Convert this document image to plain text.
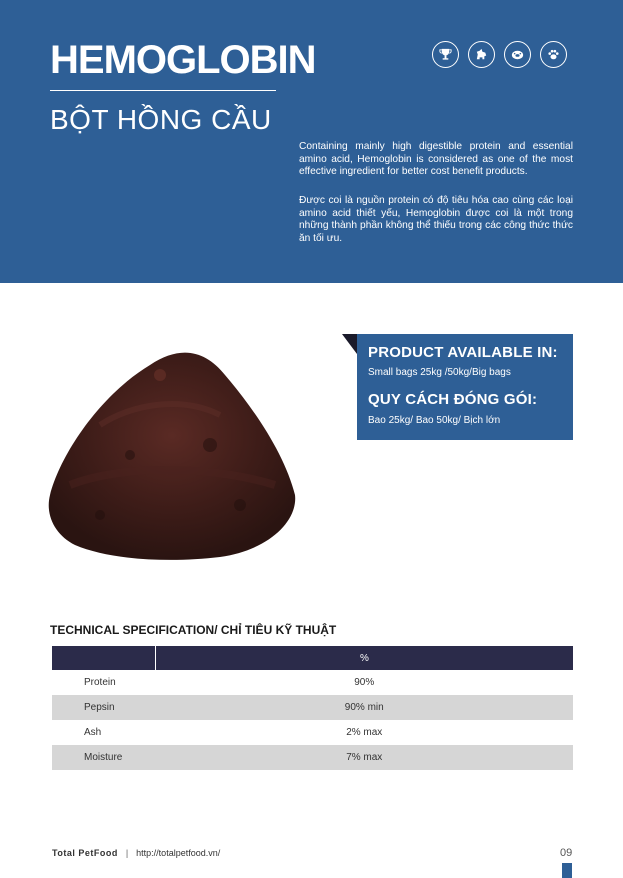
HEMOGLOBIN
BỘT HỒNG CẦU

Containing mainly high digestible protein and essential amino acid, Hemoglobin is considered as one of the most effective ingredient for better cost benefit products.

Được coi là nguồn protein có độ tiêu hóa cao cùng các loại amino acid thiết yếu, Hemoglobin được coi là một trong những thành phần không thể thiếu trong các công thức thức ăn tối ưu.

PRODUCT AVAILABLE IN:
Small bags 25kg /50kg/Big bags
QUY CÁCH ĐÓNG GÓI:
Bao 25kg/ Bao 50kg/ Bịch lớn
TECHNICAL SPECIFICATION/ CHỈ TIÊU KỸ THUẬT
	%
Protein	90%
Pepsin	90% min
Ash	2% max
Moisture	7% max
Total PetFood | http://totalpetfood.vn/	09
